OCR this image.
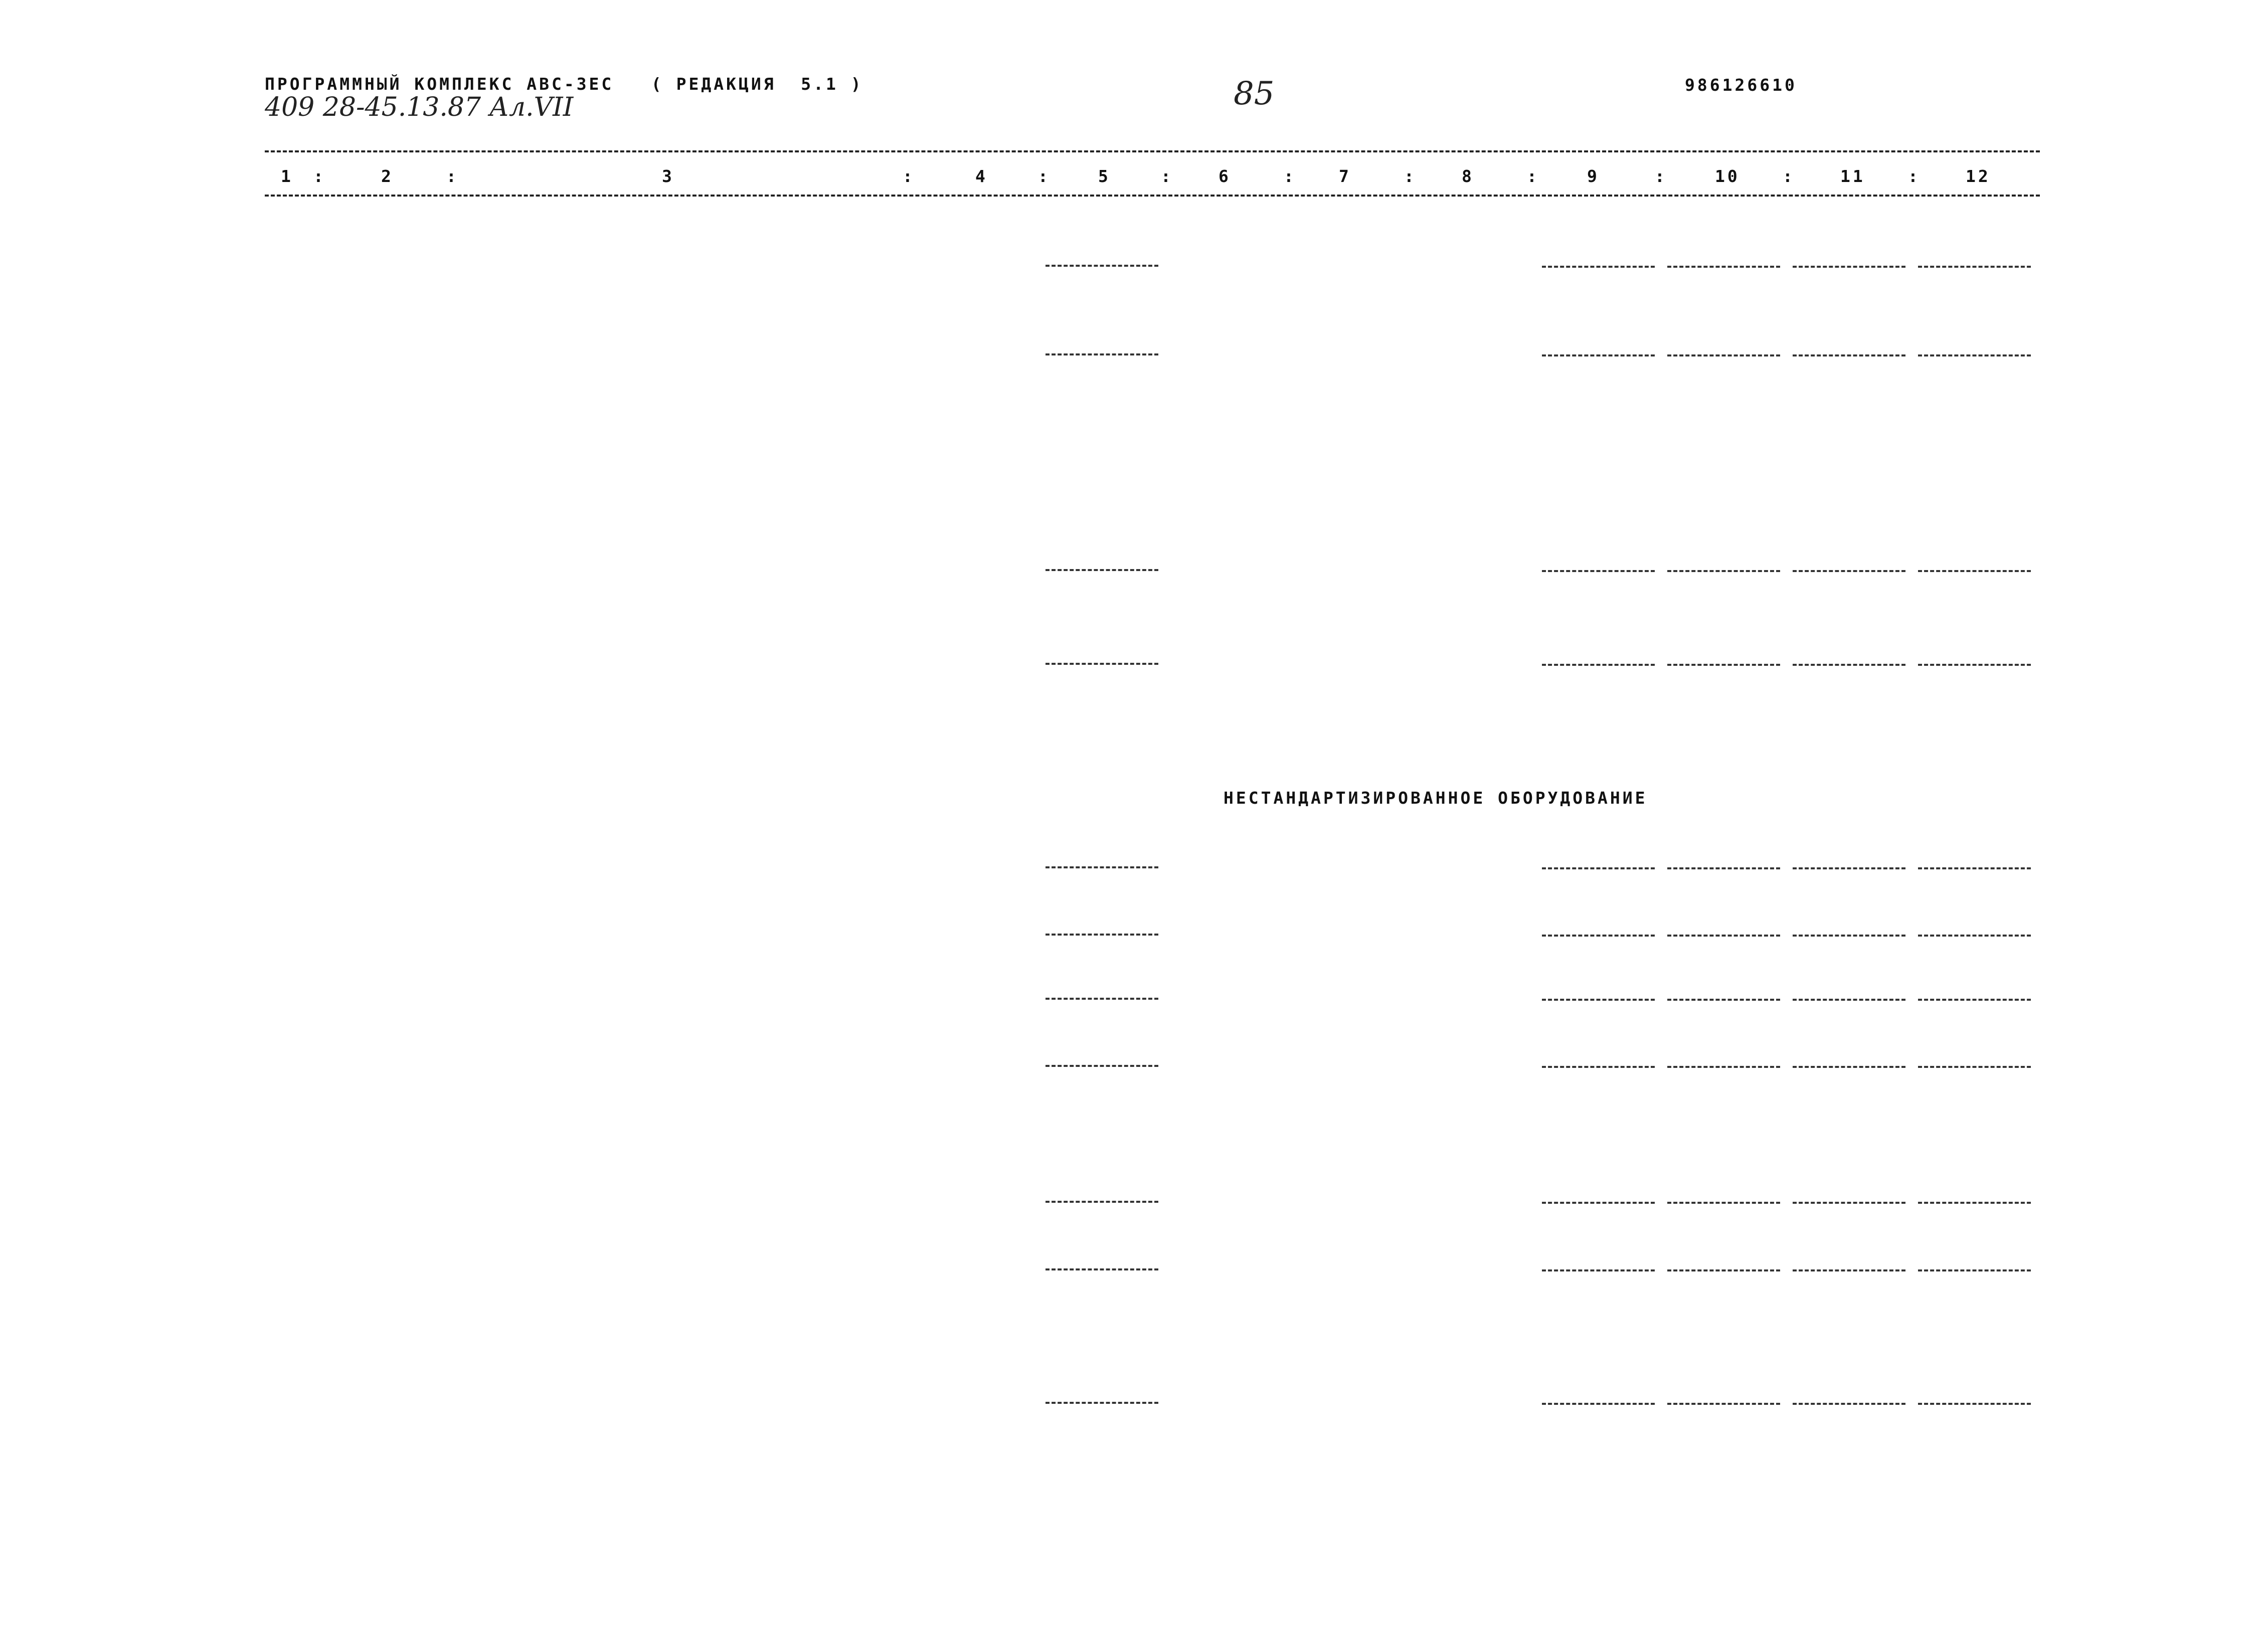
ПРОГРАММНЫЙ КОМПЛЕКС АВС-3ЕС   ( РЕДАКЦИЯ  5.1 )
409 28-45.13.87 Ал.VII	85	986126610
1	2	3	4	5	6	7	8	9	10	11	12
:	:	:	:	:	:	:	:	:	:	:
НЕСТАНДАРТИЗИРОВАННОЕ ОБОРУДОВАНИЕ
